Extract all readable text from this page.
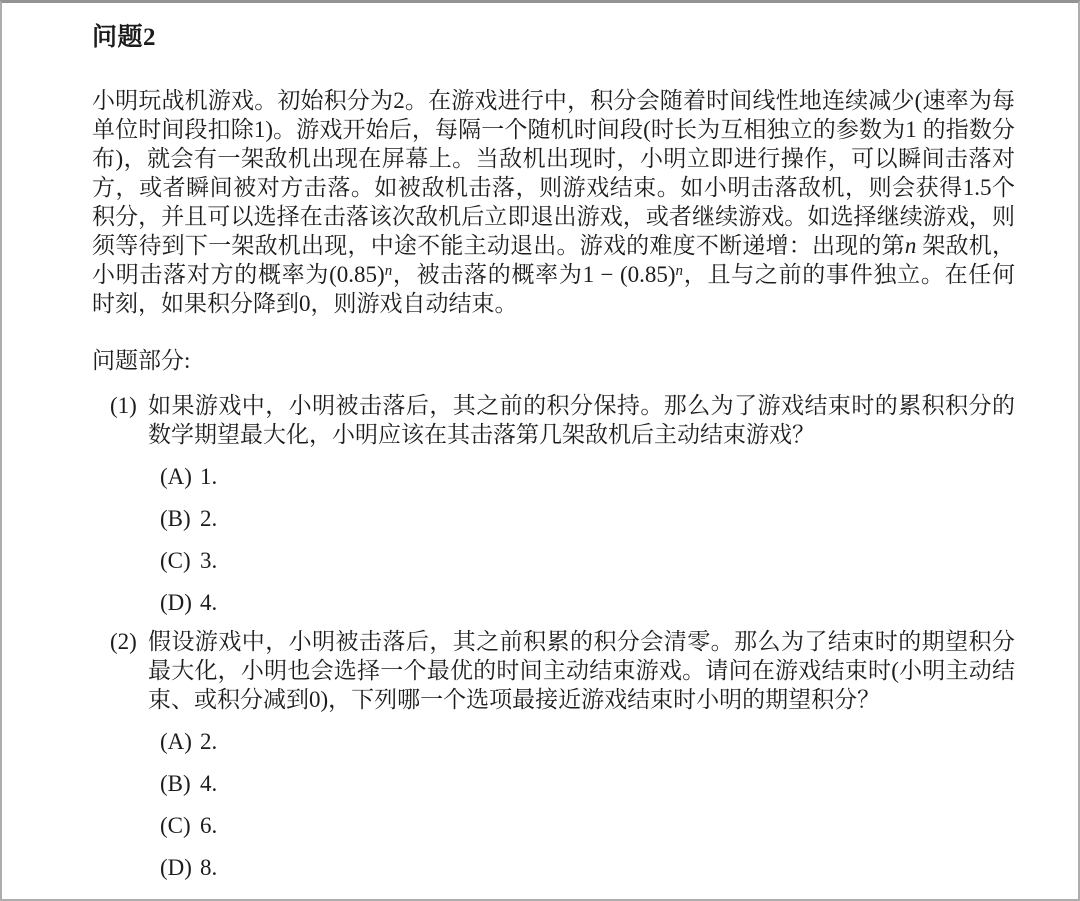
问题2
小明玩战机游戏。初始积分为2。在游戏进行中，积分会随着时间线性地连续减少(速率为每
单位时间段扣除1)。游戏开始后，每隔一个随机时间段(时长为互相独立的参数为1 的指数分
布)，就会有一架敌机出现在屏幕上。当敌机出现时，小明立即进行操作，可以瞬间击落对
方，或者瞬间被对方击落。如被敌机击落，则游戏结束。如小明击落敌机，则会获得1.5个
积分，并且可以选择在击落该次敌机后立即退出游戏，或者继续游戏。如选择继续游戏，则
须等待到下一架敌机出现，中途不能主动退出。游戏的难度不断递增：出现的第n 架敌机，
小明击落对方的概率为$(0.85)^n$，被击落的概率为$1 - (0.85)^n$，且与之前的事件独立。在任何
时刻，如果积分降到0，则游戏自动结束。
问题部分:
(1) 如果游戏中，小明被击落后，其之前的积分保持。那么为了游戏结束时的累积积分的
数学期望最大化，小明应该在其击落第几架敌机后主动结束游戏？
(A) 1.
(B) 2.
(C) 3.
(D) 4.
(2) 假设游戏中，小明被击落后，其之前积累的积分会清零。那么为了结束时的期望积分
最大化，小明也会选择一个最优的时间主动结束游戏。请问在游戏结束时(小明主动结
束、或积分减到0)，下列哪一个选项最接近游戏结束时小明的期望积分？
(A) 2.
(B) 4.
(C) 6.
(D) 8.
